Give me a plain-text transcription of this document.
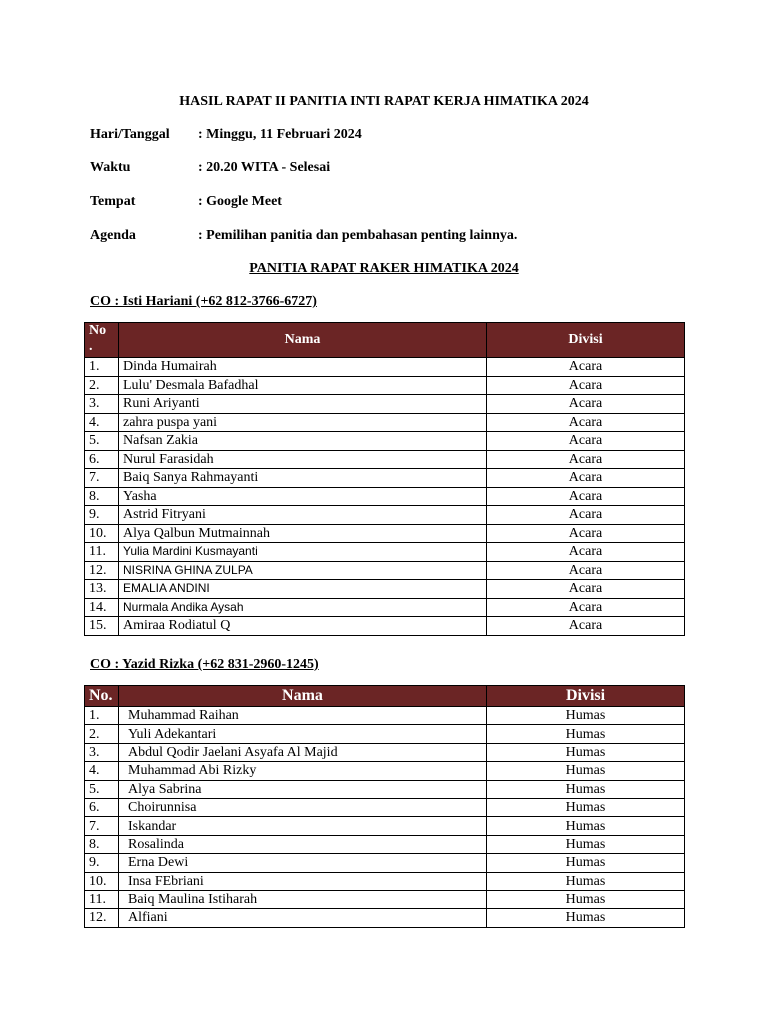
HASIL RAPAT II PANITIA INTI RAPAT KERJA HIMATIKA 2024
Hari/Tanggal : Minggu, 11 Februari 2024
Waktu	: 20.20 WITA - Selesai
Tempat	: Google Meet
Agenda	: Pemilihan panitia dan pembahasan penting lainnya.
PANITIA RAPAT RAKER HIMATIKA 2024
CO : Isti Hariani (+62 812-3766-6727)
No
.	Nama	Divisi
1.	Dinda Humairah	Acara
2.	Lulu' Desmala Bafadhal	Acara
3.	Runi Ariyanti	Acara
4.	zahra puspa yani	Acara
5.	Nafsan Zakia	Acara
6.	Nurul Farasidah	Acara
7.	Baiq Sanya Rahmayanti	Acara
8.	Yasha	Acara
9.	Astrid Fitryani	Acara
10.	Alya Qalbun Mutmainnah	Acara
11.	Yulia Mardini Kusmayanti	Acara
12.	NISRINA GHINA ZULPA	Acara
13.	EMALIA ANDINI	Acara
14.	Nurmala Andika Aysah	Acara
15.	Amiraa Rodiatul Q	Acara
CO : Yazid Rizka (+62 831-2960-1245)
No.	Nama	Divisi
1.	Muhammad Raihan	Humas
2.	Yuli Adekantari	Humas
3.	Abdul Qodir Jaelani Asyafa Al Majid	Humas
4.	Muhammad Abi Rizky	Humas
5.	Alya Sabrina	Humas
6.	Choirunnisa	Humas
7.	Iskandar	Humas
8.	Rosalinda	Humas
9.	Erna Dewi	Humas
10.	Insa FEbriani	Humas
11.	Baiq Maulina Istiharah	Humas
12.	Alfiani	Humas
